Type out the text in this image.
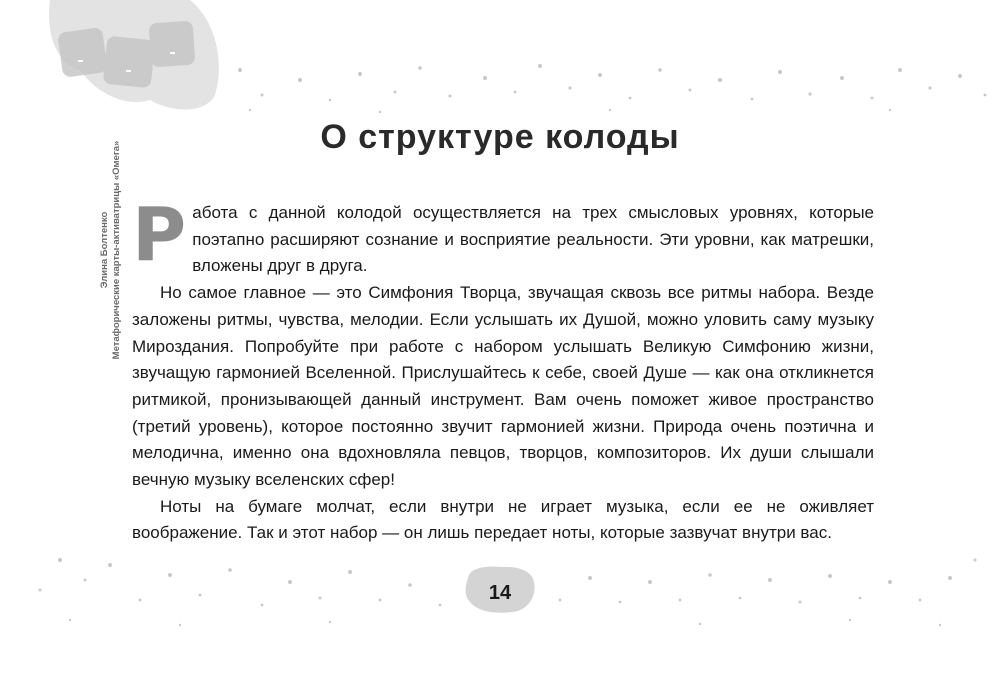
Элина Болтенко Метафорические карты-активатрицы «Омега»
О структуре колоды

Работа с данной колодой осуществляется на трех смысловых уровнях, которые поэтапно расширяют сознание и восприятие реальности. Эти уровни, как матрешки, вложены друг в друга.

Но самое главное — это Симфония Творца, звучащая сквозь все ритмы набора. Везде заложены ритмы, чувства, мелодии. Если услышать их Душой, можно уловить саму музыку Мироздания. Попробуйте при работе с набором услышать Великую Симфонию жизни, звучащую гармонией Вселенной. Прислушайтесь к себе, своей Душе — как она откликнется ритмикой, пронизывающей данный инструмент. Вам очень поможет живое пространство (третий уровень), которое постоянно звучит гармонией жизни. Природа очень поэтична и мелодична, именно она вдохновляла певцов, творцов, композиторов. Их души слышали вечную музыку вселенских сфер!

Ноты на бумаге молчат, если внутри не играет музыка, если ее не оживляет воображение. Так и этот набор — он лишь передает ноты, которые зазвучат внутри вас.

14
